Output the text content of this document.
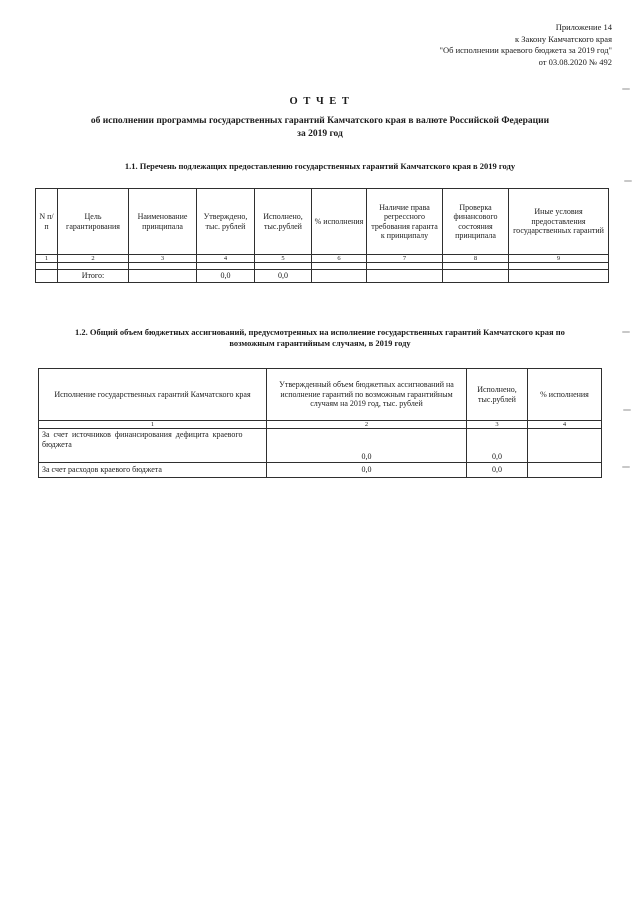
Приложение 14
к Закону Камчатского края
"Об исполнении краевого бюджета за 2019 год"
от 03.08.2020 № 492
О Т Ч Е Т
об исполнении программы государственных гарантий Камчатского края в валюте Российской Федерации
за 2019 год
1.1. Перечень подлежащих предоставлению государственных гарантий Камчатского края в 2019 году
N п/п	Цель гарантирования	Наименование принципала	Утверждено, тыс. рублей	Исполнено, тыс.рублей	% исполнения	Наличие права регрессного требования гаранта к принципалу	Проверка финансового состояния принципала	Иные условия предоставления государственных гарантий
1	2	3	4	5	6	7	8	9

	Итого:		0,0	0,0				
1.2. Общий объем бюджетных ассигнований, предусмотренных на исполнение государственных гарантий Камчатского края по
возможным гарантийным случаям, в 2019 году
Исполнение государственных гарантий Камчатского края	Утвержденный объем бюджетных ассигнований на исполнение гарантий по возможным гарантийным случаям на 2019 год, тыс. рублей	Исполнено, тыс.рублей	% исполнения
1	2	3	4
За счет источников финансирования дефицита краевого бюджета	0,0	0,0	
За счет расходов краевого бюджета	0,0	0,0	
